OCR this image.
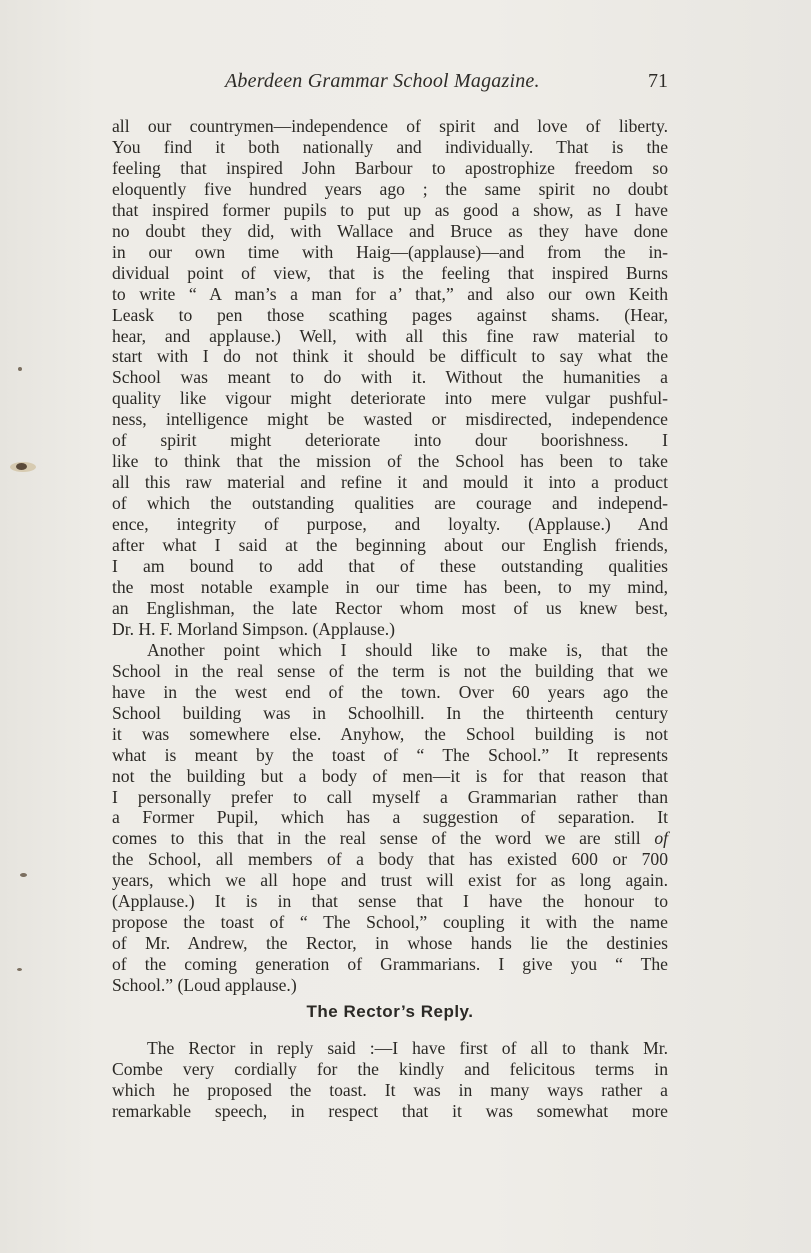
Aberdeen Grammar School Magazine.	71
all our countrymen—independence of spirit and love of liberty.
You find it both nationally and individually. That is the
feeling that inspired John Barbour to apostrophize freedom so
eloquently five hundred years ago ; the same spirit no doubt
that inspired former pupils to put up as good a show, as I have
no doubt they did, with Wallace and Bruce as they have done
in our own time with Haig—(applause)—and from the in-
dividual point of view, that is the feeling that inspired Burns
to write “ A man’s a man for a’ that,” and also our own Keith
Leask to pen those scathing pages against shams. (Hear,
hear, and applause.) Well, with all this fine raw material to
start with I do not think it should be difficult to say what the
School was meant to do with it. Without the humanities a
quality like vigour might deteriorate into mere vulgar pushful-
ness, intelligence might be wasted or misdirected, independence
of spirit might deteriorate into dour boorishness. I
like to think that the mission of the School has been to take
all this raw material and refine it and mould it into a product
of which the outstanding qualities are courage and independ-
ence, integrity of purpose, and loyalty. (Applause.) And
after what I said at the beginning about our English friends,
I am bound to add that of these outstanding qualities
the most notable example in our time has been, to my mind,
an Englishman, the late Rector whom most of us knew best,
Dr. H. F. Morland Simpson. (Applause.)
Another point which I should like to make is, that the
School in the real sense of the term is not the building that we
have in the west end of the town. Over 60 years ago the
School building was in Schoolhill. In the thirteenth century
it was somewhere else. Anyhow, the School building is not
what is meant by the toast of “ The School.” It represents
not the building but a body of men—it is for that reason that
I personally prefer to call myself a Grammarian rather than
a Former Pupil, which has a suggestion of separation. It
comes to this that in the real sense of the word we are still of
the School, all members of a body that has existed 600 or 700
years, which we all hope and trust will exist for as long again.
(Applause.) It is in that sense that I have the honour to
propose the toast of “ The School,” coupling it with the name
of Mr. Andrew, the Rector, in whose hands lie the destinies
of the coming generation of Grammarians. I give you “ The
School.” (Loud applause.)
The Rector’s Reply.
The Rector in reply said :—I have first of all to thank Mr.
Combe very cordially for the kindly and felicitous terms in
which he proposed the toast. It was in many ways rather a
remarkable speech, in respect that it was somewhat more
